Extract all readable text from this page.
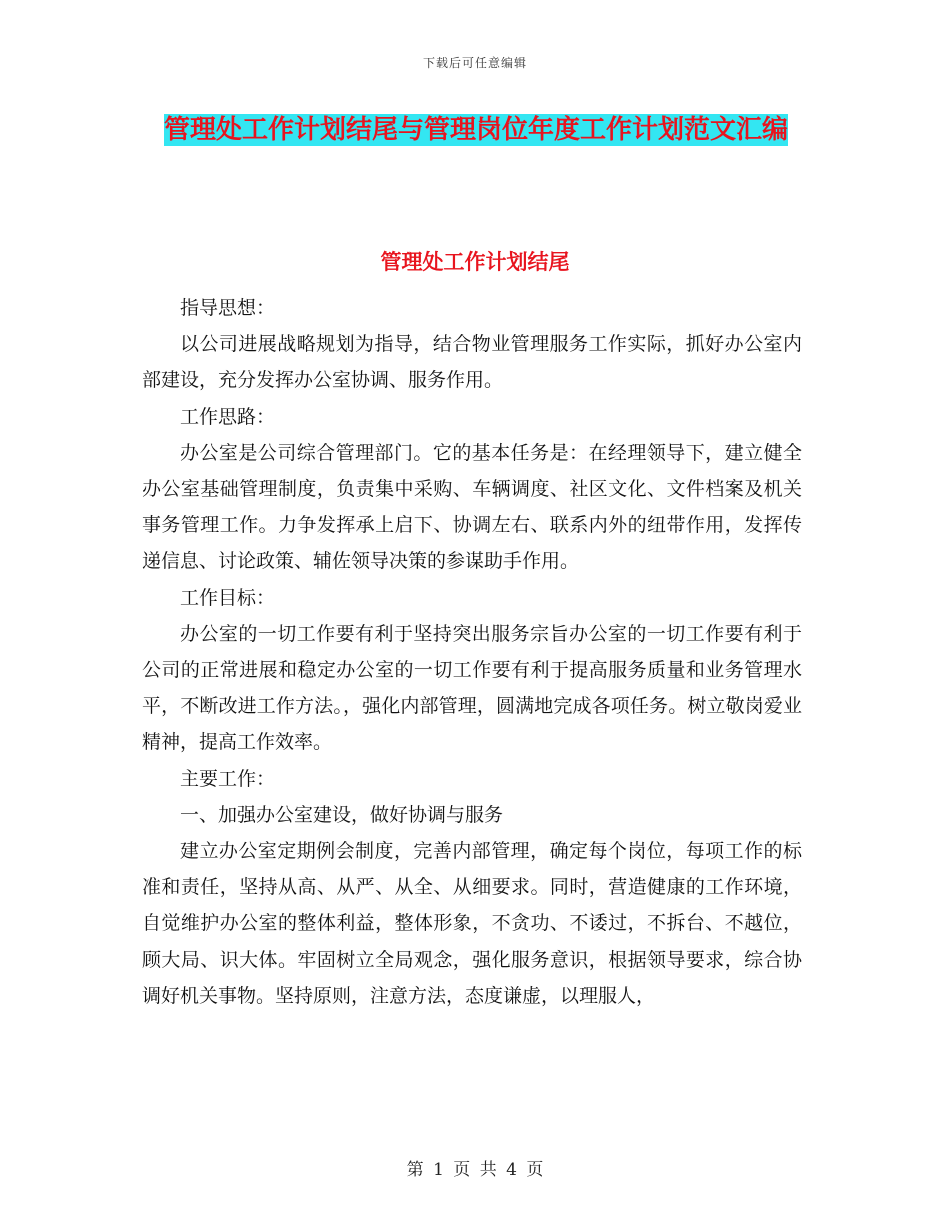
下载后可任意编辑
管理处工作计划结尾与管理岗位年度工作计划范文汇编
管理处工作计划结尾

指导思想：

以公司进展战略规划为指导，结合物业管理服务工作实际，抓好办公室内部建设，充分发挥办公室协调、服务作用。

工作思路：

办公室是公司综合管理部门。它的基本任务是：在经理领导下，建立健全办公室基础管理制度，负责集中采购、车辆调度、社区文化、文件档案及机关事务管理工作。力争发挥承上启下、协调左右、联系内外的纽带作用，发挥传递信息、讨论政策、辅佐领导决策的参谋助手作用。

工作目标：

办公室的一切工作要有利于坚持突出服务宗旨办公室的一切工作要有利于公司的正常进展和稳定办公室的一切工作要有利于提高服务质量和业务管理水平，不断改进工作方法。，强化内部管理，圆满地完成各项任务。树立敬岗爱业精神，提高工作效率。

主要工作：

一、加强办公室建设，做好协调与服务

建立办公室定期例会制度，完善内部管理，确定每个岗位，每项工作的标准和责任，坚持从高、从严、从全、从细要求。同时，营造健康的工作环境，自觉维护办公室的整体利益，整体形象，不贪功、不诿过，不拆台、不越位，顾大局、识大体。牢固树立全局观念，强化服务意识，根据领导要求，综合协调好机关事物。坚持原则，注意方法，态度谦虚，以理服人，

第 1 页 共 4 页
